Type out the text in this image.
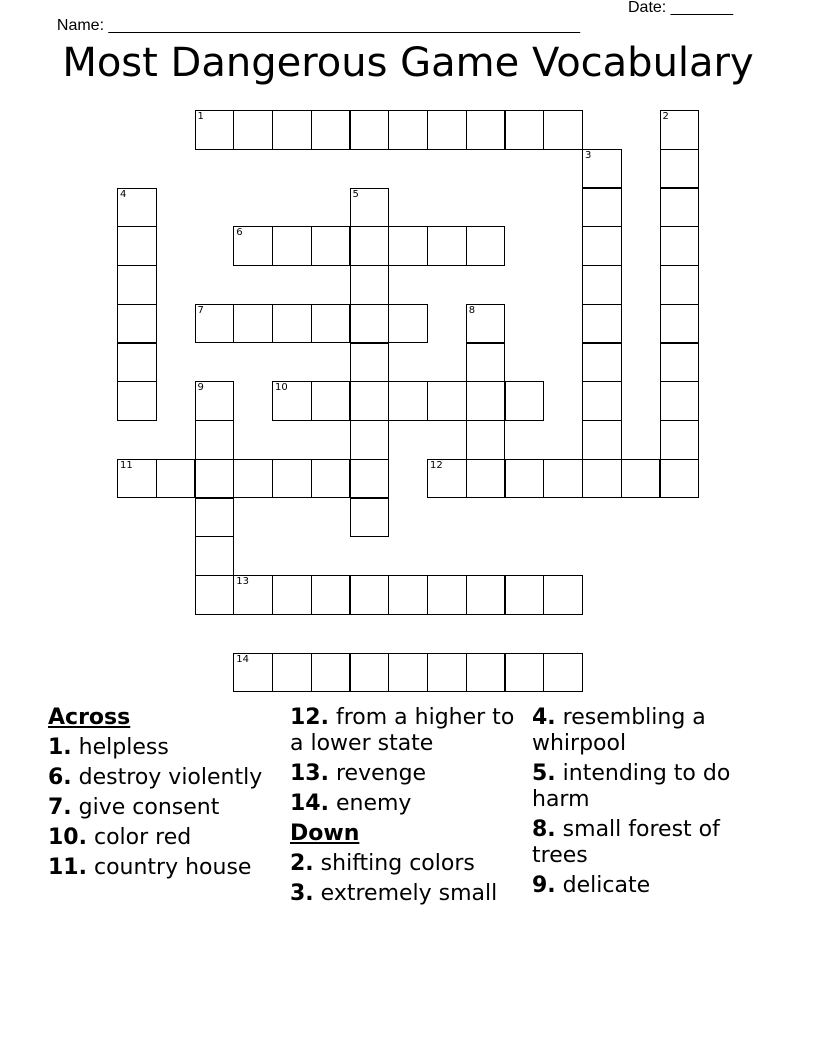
Name: _____________________________________________________

Date: _______

Most Dangerous Game Vocabulary
1	2
3
4	5
6
7	8
9	10
11	12
13
14
Across
1. helpless
6. destroy violently
7. give consent
10. color red
11. country house
12. from a higher to a lower state
13. revenge
14. enemy
Down
2. shifting colors
3. extremely small
4. resembling a whirpool
5. intending to do harm
8. small forest of trees
9. delicate
